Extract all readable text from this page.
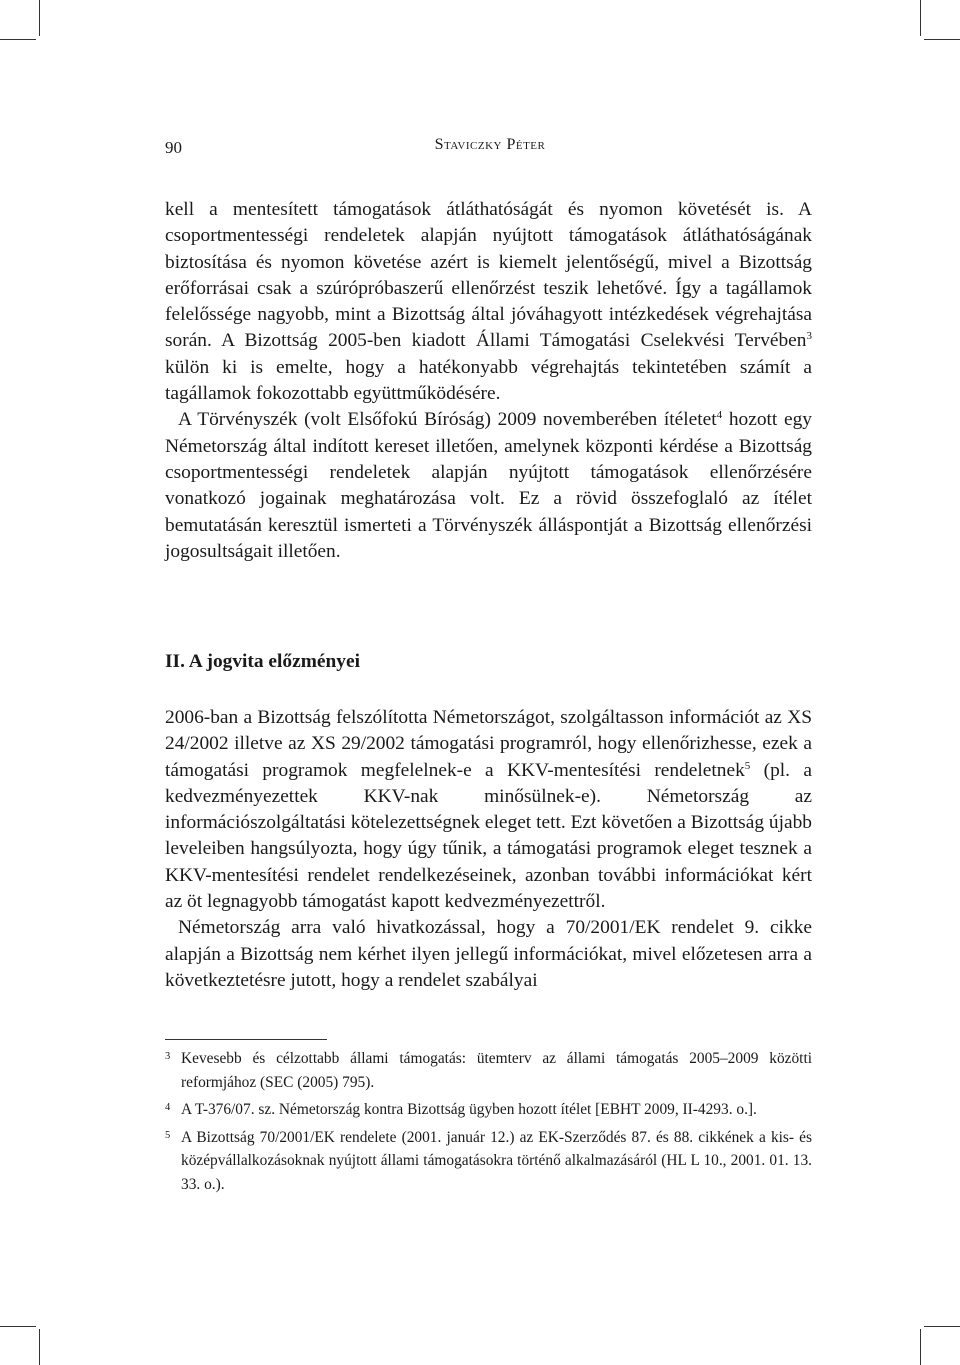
90	Staviczky Péter

kell a mentesített támogatások átláthatóságát és nyomon követését is. A csoportmentességi rendeletek alapján nyújtott támogatások átláthatóságának biztosítása és nyomon követése azért is kiemelt jelentőségű, mivel a Bizottság erőforrásai csak a szúrópróbaszerű ellenőrzést teszik lehetővé. Így a tagállamok felelőssége nagyobb, mint a Bizottság által jóváhagyott intézkedések végrehajtása során. A Bizottság 2005-ben kiadott Állami Támogatási Cselekvési Tervében$^3$ külön ki is emelte, hogy a hatékonyabb végrehajtás tekintetében számít a tagállamok fokozottabb együttműködésére.

A Törvényszék (volt Elsőfokú Bíróság) 2009 novemberében ítéletet$^4$ hozott egy Németország által indított kereset illetően, amelynek központi kérdése a Bizottság csoportmentességi rendeletek alapján nyújtott támogatások ellenőrzésére vonatkozó jogainak meghatározása volt. Ez a rövid összefoglaló az ítélet bemutatásán keresztül ismerteti a Törvényszék álláspontját a Bizottság ellenőrzési jogosultságait illetően.

II. A jogvita előzményei

2006-ban a Bizottság felszólította Németországot, szolgáltasson információt az XS 24/2002 illetve az XS 29/2002 támogatási programról, hogy ellenőrizhesse, ezek a támogatási programok megfelelnek-e a KKV-mentesítési rendeletnek$^5$ (pl. a kedvezményezettek KKV-nak minősülnek-e). Németország az információszolgáltatási kötelezettségnek eleget tett. Ezt követően a Bizottság újabb leveleiben hangsúlyozta, hogy úgy tűnik, a támogatási programok eleget tesznek a KKV-mentesítési rendelet rendelkezéseinek, azonban további információkat kért az öt legnagyobb támogatást kapott kedvezményezettről.

Németország arra való hivatkozással, hogy a 70/2001/EK rendelet 9. cikke alapján a Bizottság nem kérhet ilyen jellegű információkat, mivel előzetesen arra a következtetésre jutott, hogy a rendelet szabályai

3 Kevesebb és célzottabb állami támogatás: ütemterv az állami támogatás 2005–2009 közötti reformjához (SEC (2005) 795).
4 A T-376/07. sz. Németország kontra Bizottság ügyben hozott ítélet [EBHT 2009, II-4293. o.].
5 A Bizottság 70/2001/EK rendelete (2001. január 12.) az EK-Szerződés 87. és 88. cikkének a kis- és középvállalkozásoknak nyújtott állami támogatásokra történő alkalmazásáról (HL L 10., 2001. 01. 13. 33. o.).
